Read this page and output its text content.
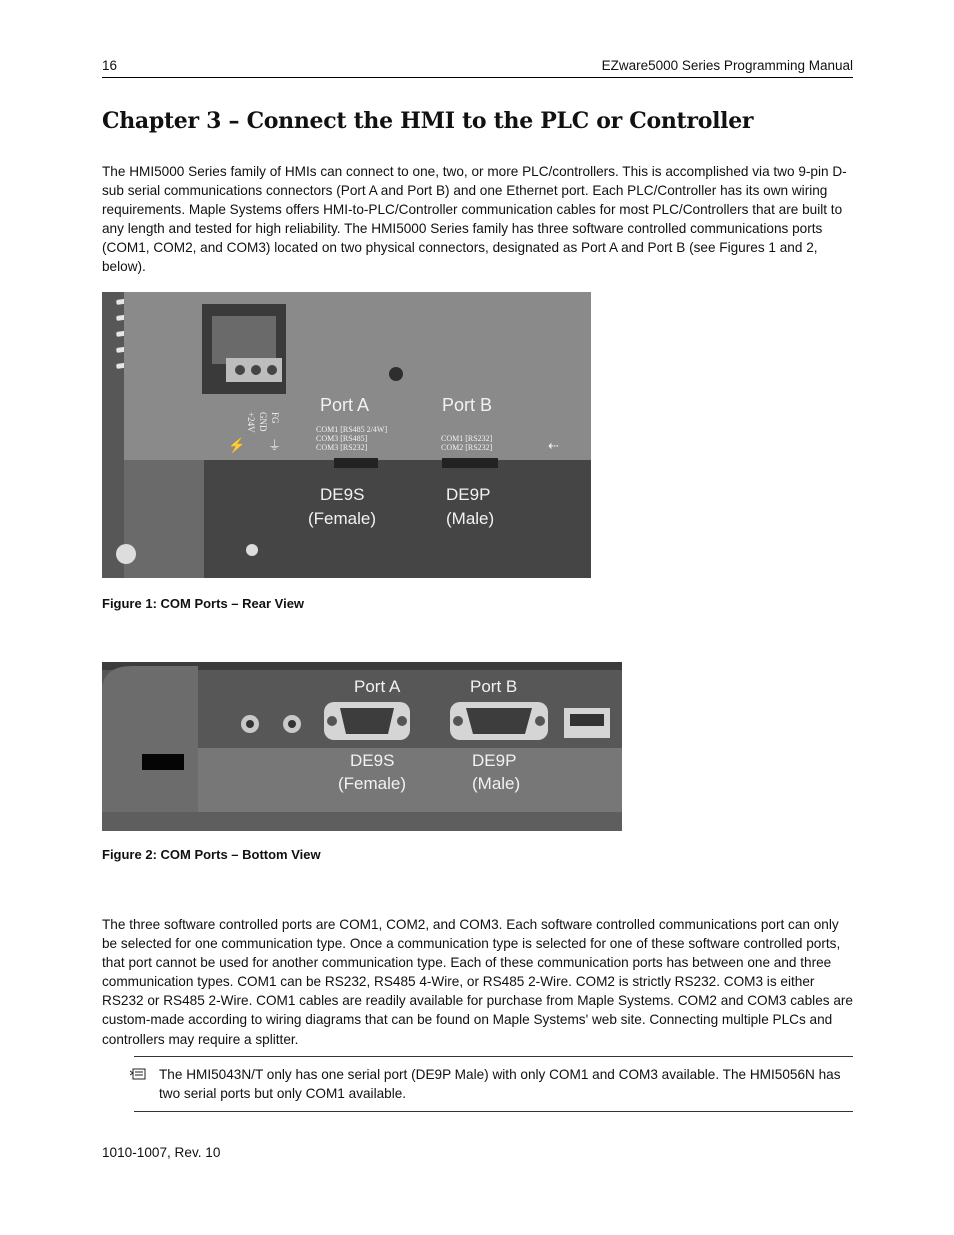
16	EZware5000 Series Programming Manual
Chapter 3 – Connect the HMI to the PLC or Controller
The HMI5000 Series family of HMIs can connect to one, two, or more PLC/controllers. This is accomplished via two 9-pin D-sub serial communications connectors (Port A and Port B) and one Ethernet port. Each PLC/Controller has its own wiring requirements. Maple Systems offers HMI-to-PLC/Controller communication cables for most PLC/Controllers that are built to any length and tested for high reliability. The HMI5000 Series family has three software controlled communications ports (COM1, COM2, and COM3) located on two physical connectors, designated as Port A and Port B (see Figures 1 and 2, below).
+24V GND FG
⚡ ⏚	⇠
Port A	Port B
COM1 [RS485 2/4W]
COM3 [RS485]
COM3 [RS232]
COM1 [RS232]
COM2 [RS232]
DE9S
(Female)
DE9P
(Male)
Figure 1: COM Ports – Rear View
Port A	Port B
DE9S
(Female)
DE9P
(Male)
Figure 2: COM Ports – Bottom View
The three software controlled ports are COM1, COM2, and COM3. Each software controlled communications port can only be selected for one communication type. Once a communication type is selected for one of these software controlled ports, that port cannot be used for another communication type. Each of these communication ports has between one and three communication types. COM1 can be RS232, RS485 4-Wire, or RS485 2-Wire. COM2 is strictly RS232. COM3 is either RS232 or RS485 2-Wire. COM1 cables are readily available for purchase from Maple Systems. COM2 and COM3 cables are custom-made according to wiring diagrams that can be found on Maple Systems' web site. Connecting multiple PLCs and controllers may require a splitter.
The HMI5043N/T only has one serial port (DE9P Male) with only COM1 and COM3 available. The HMI5056N has two serial ports but only COM1 available.
1010-1007, Rev. 10
